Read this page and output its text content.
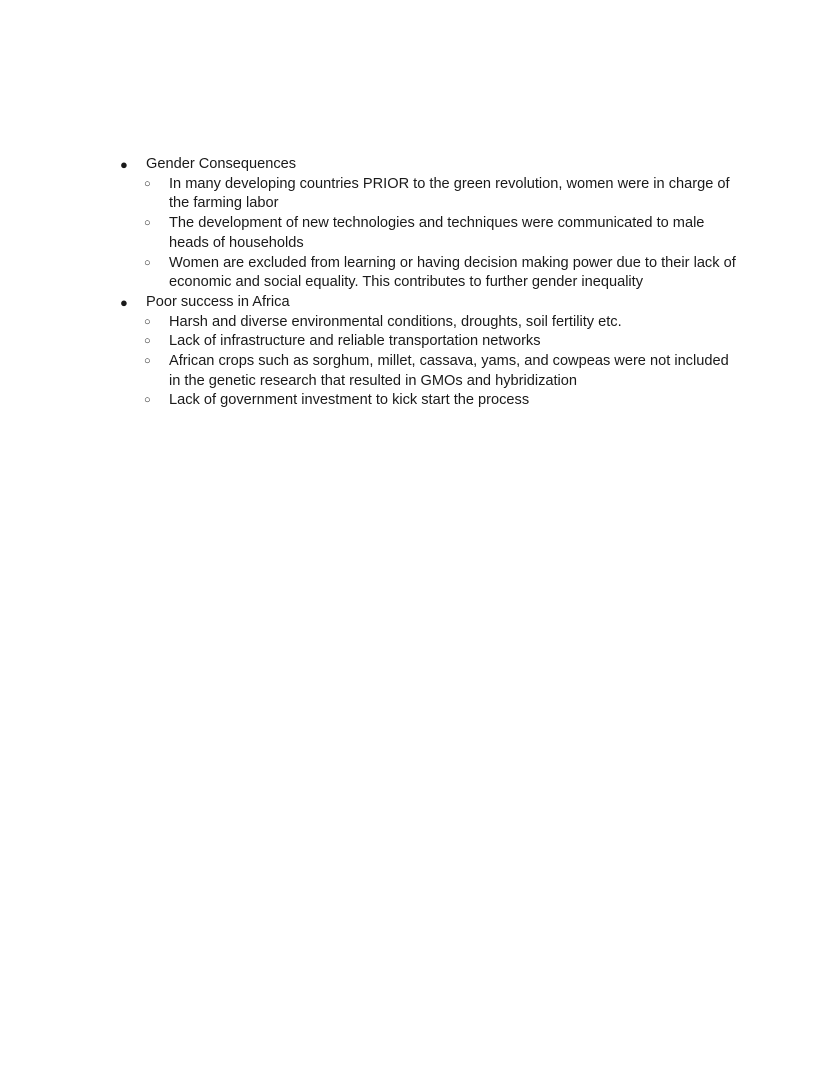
●	Gender Consequences
○	In many developing countries PRIOR to the green revolution, women were in charge of the farming labor
○	The development of new technologies and techniques were communicated to male heads of households
○	Women are excluded from learning or having decision making power due to their lack of economic and social equality. This contributes to further gender inequality
●	Poor success in Africa
○	Harsh and diverse environmental conditions, droughts, soil fertility etc.
○	Lack of infrastructure and reliable transportation networks
○	African crops such as sorghum, millet, cassava, yams, and cowpeas were not included in the genetic research that resulted in GMOs and hybridization
○	Lack of government investment to kick start the process
